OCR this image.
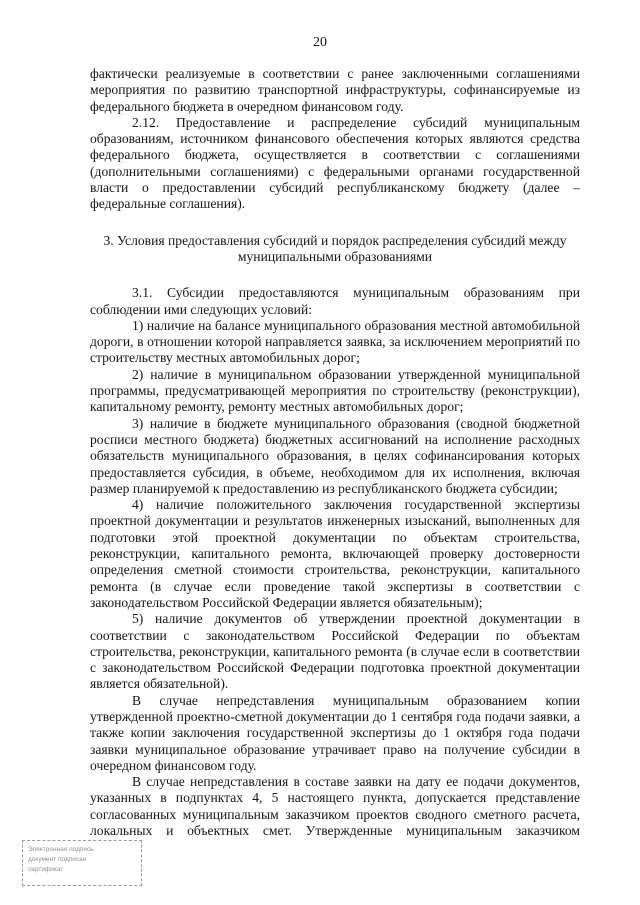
20

фактически реализуемые в соответствии с ранее заключенными соглашениями мероприятия по развитию транспортной инфраструктуры, софинансируемые из федерального бюджета в очередном финансовом году.

2.12. Предоставление и распределение субсидий муниципальным образованиям, источником финансового обеспечения которых являются средства федерального бюджета, осуществляется в соответствии с соглашениями (дополнительными соглашениями) с федеральными органами государственной власти о предоставлении субсидий республиканскому бюджету (далее – федеральные соглашения).

3. Условия предоставления субсидий и порядок распределения субсидий между муниципальными образованиями

3.1. Субсидии предоставляются муниципальным образованиям при соблюдении ими следующих условий:

1) наличие на балансе муниципального образования местной автомобильной дороги, в отношении которой направляется заявка, за исключением мероприятий по строительству местных автомобильных дорог;

2) наличие в муниципальном образовании утвержденной муниципальной программы, предусматривающей мероприятия по строительству (реконструкции), капитальному ремонту, ремонту местных автомобильных дорог;

3) наличие в бюджете муниципального образования (сводной бюджетной росписи местного бюджета) бюджетных ассигнований на исполнение расходных обязательств муниципального образования, в целях софинансирования которых предоставляется субсидия, в объеме, необходимом для их исполнения, включая размер планируемой к предоставлению из республиканского бюджета субсидии;

4) наличие положительного заключения государственной экспертизы проектной документации и результатов инженерных изысканий, выполненных для подготовки этой проектной документации по объектам строительства, реконструкции, капитального ремонта, включающей проверку достоверности определения сметной стоимости строительства, реконструкции, капитального ремонта (в случае если проведение такой экспертизы в соответствии с законодательством Российской Федерации является обязательным);

5) наличие документов об утверждении проектной документации в соответствии с законодательством Российской Федерации по объектам строительства, реконструкции, капитального ремонта (в случае если в соответствии с законодательством Российской Федерации подготовка проектной документации является обязательной).

В случае непредставления муниципальным образованием копии утвержденной проектно-сметной документации до 1 сентября года подачи заявки, а также копии заключения государственной экспертизы до 1 октября года подачи заявки муниципальное образование утрачивает право на получение субсидии в очередном финансовом году.

В случае непредставления в составе заявки на дату ее подачи документов, указанных в подпунктах 4, 5 настоящего пункта, допускается представление согласованных муниципальным заказчиком проектов сводного сметного расчета, локальных и объектных смет. Утвержденные муниципальным заказчиком

Электронная подпись
документ подписан
сертификат
